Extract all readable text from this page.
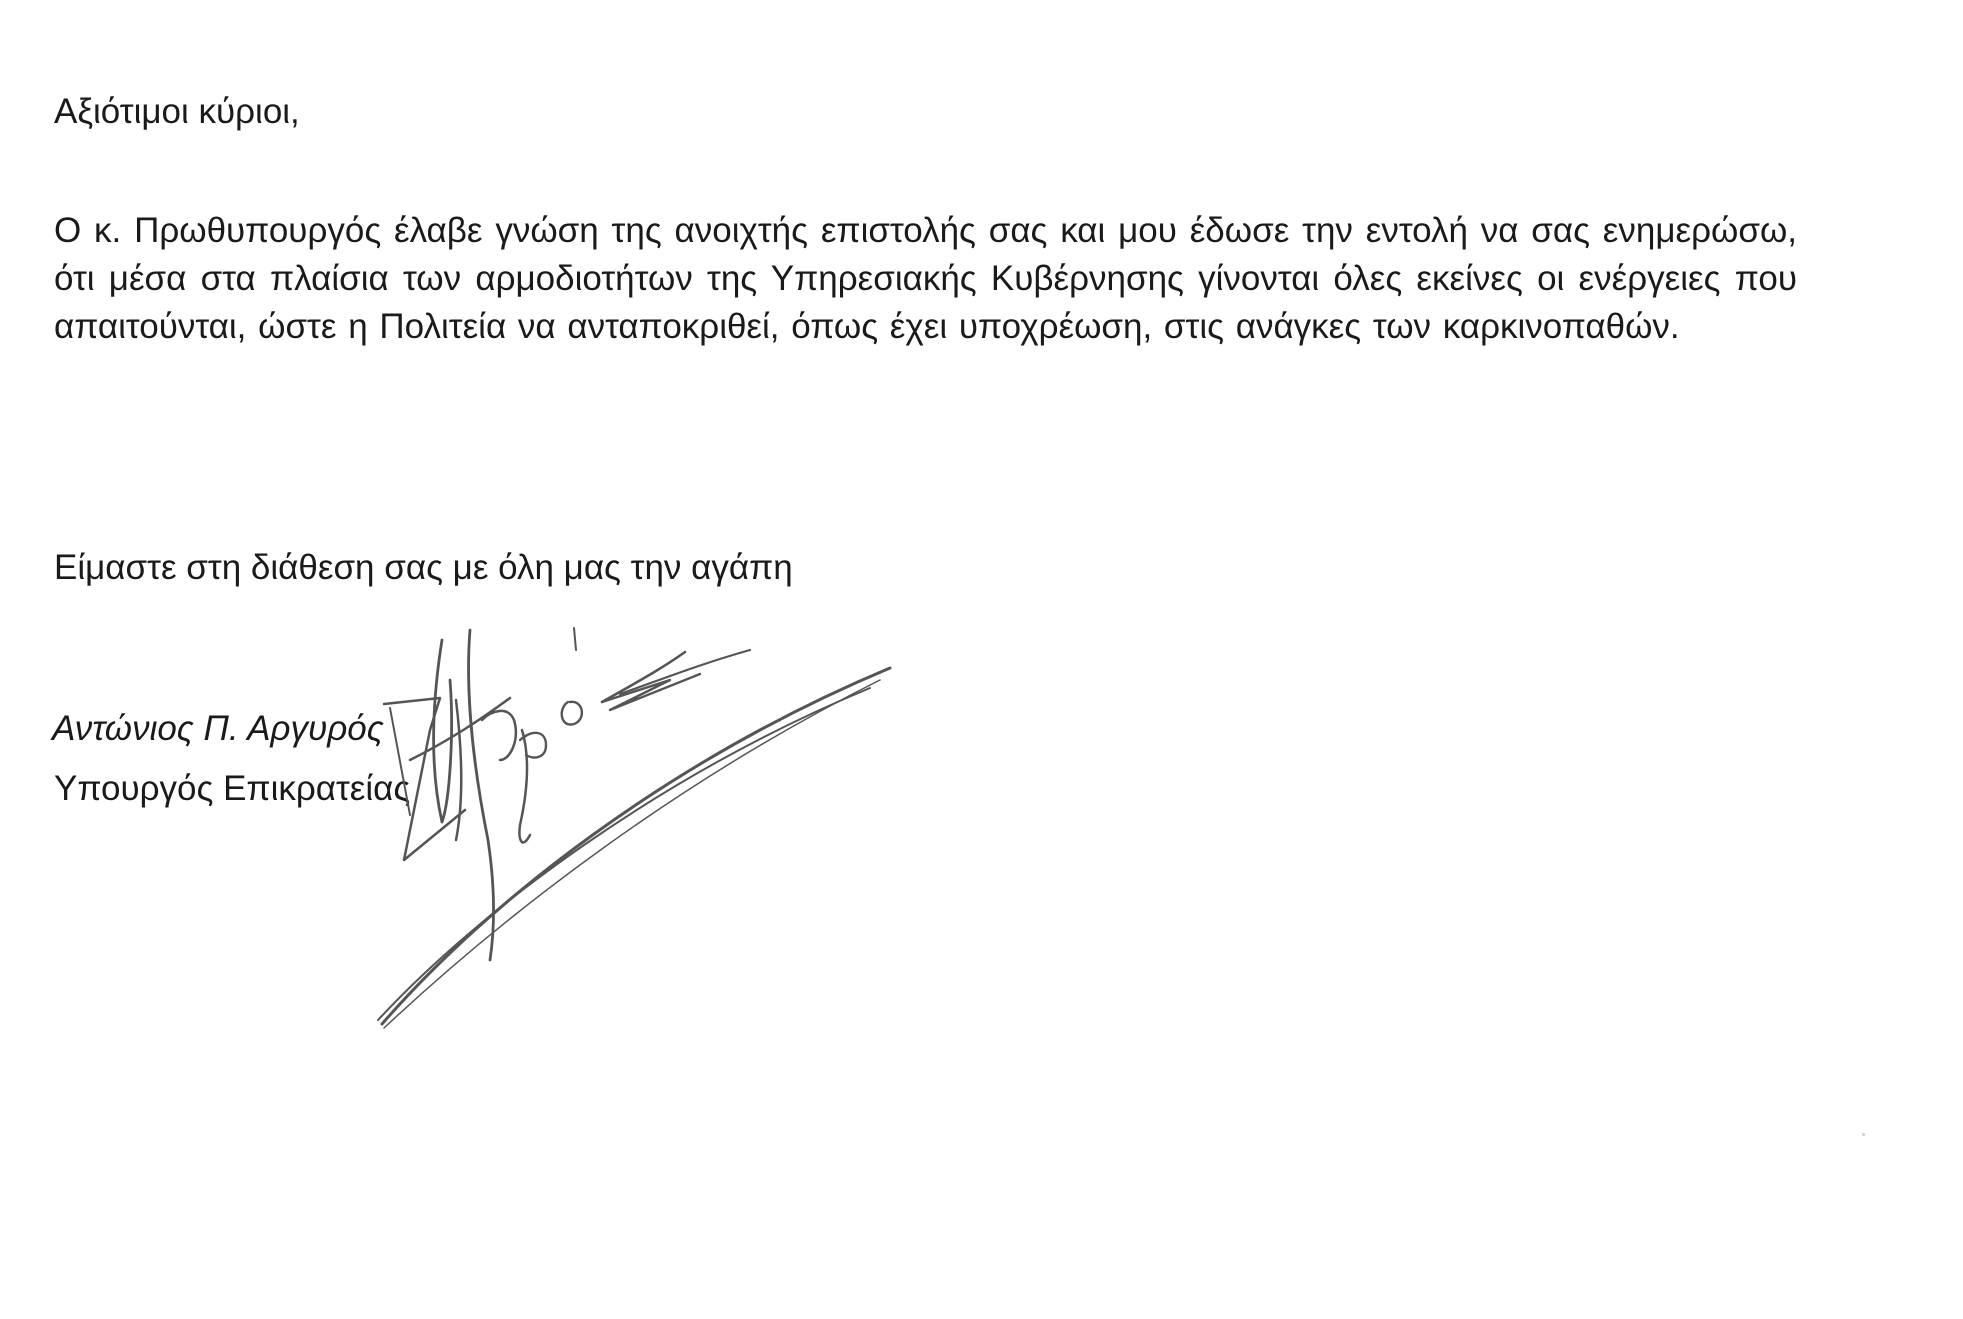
Αξιότιμοι κύριοι,

Ο κ. Πρωθυπουργός έλαβε γνώση της ανοιχτής επιστολής σας και μου έδωσε την εντολή να σας ενημερώσω, ότι μέσα στα πλαίσια των αρμοδιοτήτων της Υπηρεσιακής Κυβέρνησης γίνονται όλες εκείνες οι ενέργειες που απαιτούνται, ώστε η Πολιτεία να ανταποκριθεί, όπως έχει υποχρέωση, στις ανάγκες των καρκινοπαθών.

Είμαστε στη διάθεση σας με όλη μας την αγάπη

Αντώνιος Π. Αργυρός

Υπουργός Επικρατείας
